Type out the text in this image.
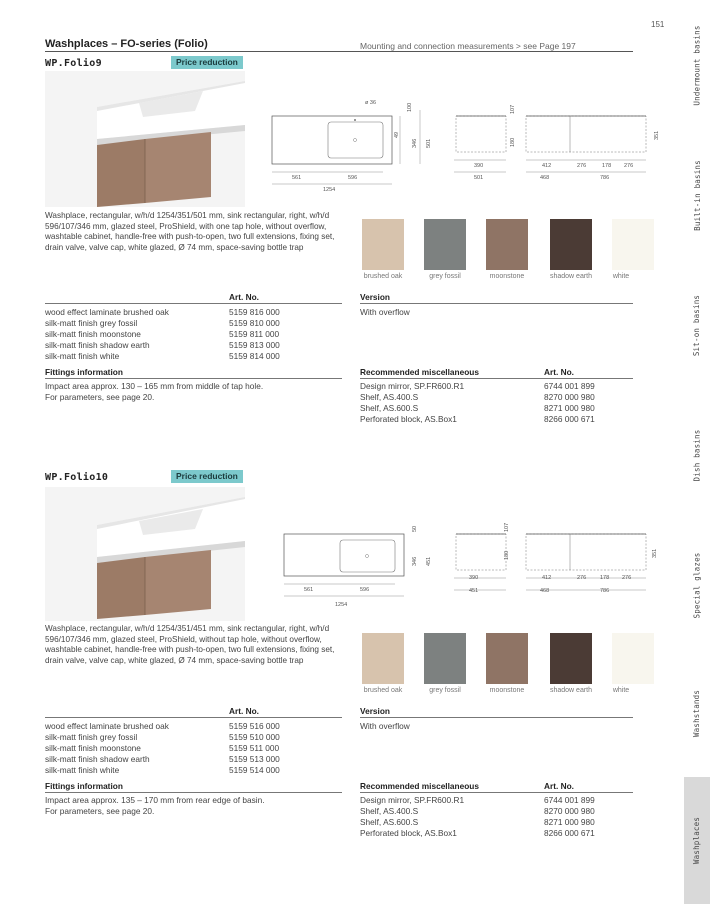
151
Undermount basins
Built-in basins
Sit-on basins
Dish basins
Special glazes
Washstands
Washplaces
Washplaces – FO-series (Folio)	Mounting and connection measurements > see Page 197
WP.Folio9	Price reduction
ø 36
561	596
1254
100
49
346 501
390
501
107
180
412	276	178 276
468	786
351
Washplace, rectangular, w/h/d 1254/351/501 mm, sink rectangular, right, w/h/d 596/107/346 mm, glazed steel, ProShield, with one tap hole, without overflow, washtable cabinet, handle-free with push-to-open, two full extensions, fixing set, drain valve, valve cap, white glazed, Ø 74 mm, space-saving bottle trap
brushed oak	grey fossil	moonstone	shadow earth	white
Art. No.
wood effect laminate brushed oak	5159 816 000
silk-matt finish grey fossil	5159 810 000
silk-matt finish moonstone	5159 811 000
silk-matt finish shadow earth	5159 813 000
silk-matt finish white	5159 814 000
Version
With overflow
Fittings information
Impact area approx. 130 – 165 mm from middle of tap hole.
For parameters, see page 20.
Recommended miscellaneous	Art. No.
Design mirror, SP.FR600.R1	6744 001 899
Shelf, AS.400.S	8270 000 980
Shelf, AS.600.S	8271 000 980
Perforated block, AS.Box1	8266 000 671
WP.Folio10	Price reduction
561	596
1254
50
346 451
390
451
107
180
412	276	178 276
468	786
351
Washplace, rectangular, w/h/d 1254/351/451 mm, sink rectangular, right, w/h/d 596/107/346 mm, glazed steel, ProShield, without tap hole, without overflow, washtable cabinet, handle-free with push-to-open, two full extensions, fixing set, drain valve, valve cap, white glazed, Ø 74 mm, space-saving bottle trap
brushed oak	grey fossil	moonstone	shadow earth	white
Art. No.
wood effect laminate brushed oak	5159 516 000
silk-matt finish grey fossil	5159 510 000
silk-matt finish moonstone	5159 511 000
silk-matt finish shadow earth	5159 513 000
silk-matt finish white	5159 514 000
Version
With overflow
Fittings information
Impact area approx. 135 – 170 mm from rear edge of basin.
For parameters, see page 20.
Recommended miscellaneous	Art. No.
Design mirror, SP.FR600.R1	6744 001 899
Shelf, AS.400.S	8270 000 980
Shelf, AS.600.S	8271 000 980
Perforated block, AS.Box1	8266 000 671
